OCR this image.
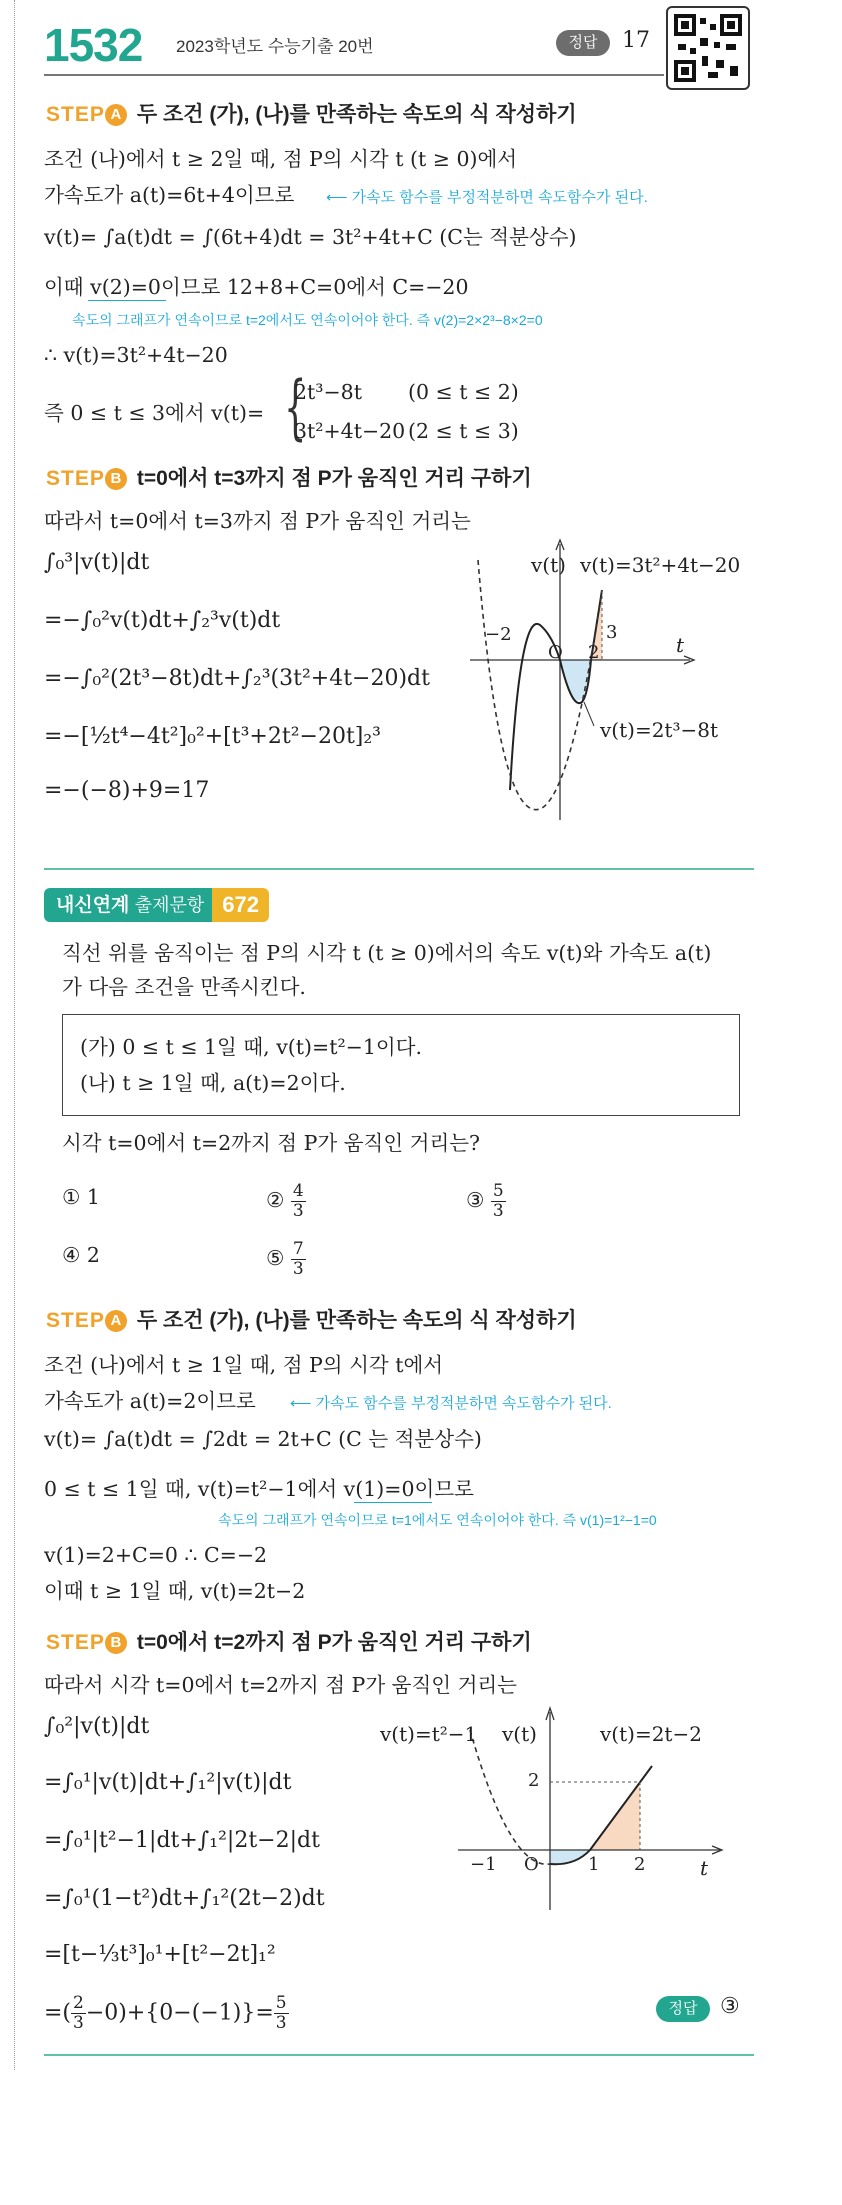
1532 2023학년도 수능기출 20번	정답	17
STEP A 두 조건 (가), (나)를 만족하는 속도의 식 작성하기
조건 (나)에서 t ≥ 2일 때, 점 P의 시각 t (t ≥ 0)에서
가속도가 a(t)=6t+4이므로 ⟵ 가속도 함수를 부정적분하면 속도함수가 된다.
v(t)= ∫a(t)dt = ∫(6t+4)dt = 3t²+4t+C (C는 적분상수)
이때 v(2)=0이므로 12+8+C=0에서 C=−20
속도의 그래프가 연속이므로 t=2에서도 연속이어야 한다. 즉 v(2)=2×2³−8×2=0
∴ v(t)=3t²+4t−20
즉 0 ≤ t ≤ 3에서 v(t)= {
2t³−8t (0 ≤ t ≤ 2)
3t²+4t−20 (2 ≤ t ≤ 3)
STEP B t=0에서 t=3까지 점 P가 움직인 거리 구하기
따라서 t=0에서 t=3까지 점 P가 움직인 거리는
∫₀³|v(t)|dt
=−∫₀²v(t)dt+∫₂³v(t)dt
=−∫₀²(2t³−8t)dt+∫₂³(3t²+4t−20)dt
=−[½t⁴−4t²]₀²+[t³+2t²−20t]₂³
=−(−8)+9=17
v(t) v(t)=3t²+4t−20
t
O
−2
2
3
v(t)=2t³−8t
내신연계 출제문항 672
직선 위를 움직이는 점 P의 시각 t (t ≥ 0)에서의 속도 v(t)와 가속도 a(t)
가 다음 조건을 만족시킨다.
(가) 0 ≤ t ≤ 1일 때, v(t)=t²−1이다.
(나) t ≥ 1일 때, a(t)=2이다.
시각 t=0에서 t=2까지 점 P가 움직인 거리는?
① 1	② $\frac{4}{3}$	③ $\frac{5}{3}$
④ 2	⑤ $\frac{7}{3}$
STEP A 두 조건 (가), (나)를 만족하는 속도의 식 작성하기
조건 (나)에서 t ≥ 1일 때, 점 P의 시각 t에서
가속도가 a(t)=2이므로 ⟵ 가속도 함수를 부정적분하면 속도함수가 된다.
v(t)= ∫a(t)dt = ∫2dt = 2t+C (C 는 적분상수)
0 ≤ t ≤ 1일 때, v(t)=t²−1에서 v(1)=0이므로
속도의 그래프가 연속이므로 t=1에서도 연속이어야 한다. 즉 v(1)=1²−1=0
v(1)=2+C=0 ∴ C=−2
이때 t ≥ 1일 때, v(t)=2t−2
STEP B t=0에서 t=2까지 점 P가 움직인 거리 구하기
따라서 시각 t=0에서 t=2까지 점 P가 움직인 거리는
∫₀²|v(t)|dt
=∫₀¹|v(t)|dt+∫₁²|v(t)|dt
=∫₀¹|t²−1|dt+∫₁²|2t−2|dt
=∫₀¹(1−t²)dt+∫₁²(2t−2)dt
=[t−⅓t³]₀¹+[t²−2t]₁²
=( $\frac{2}{3} -0)+\{0-(-1)\}= \frac{5}{3}$	정답	③
v(t)=t²−1 v(t)	v(t)=2t−2
t
O
−1	1 2
2
